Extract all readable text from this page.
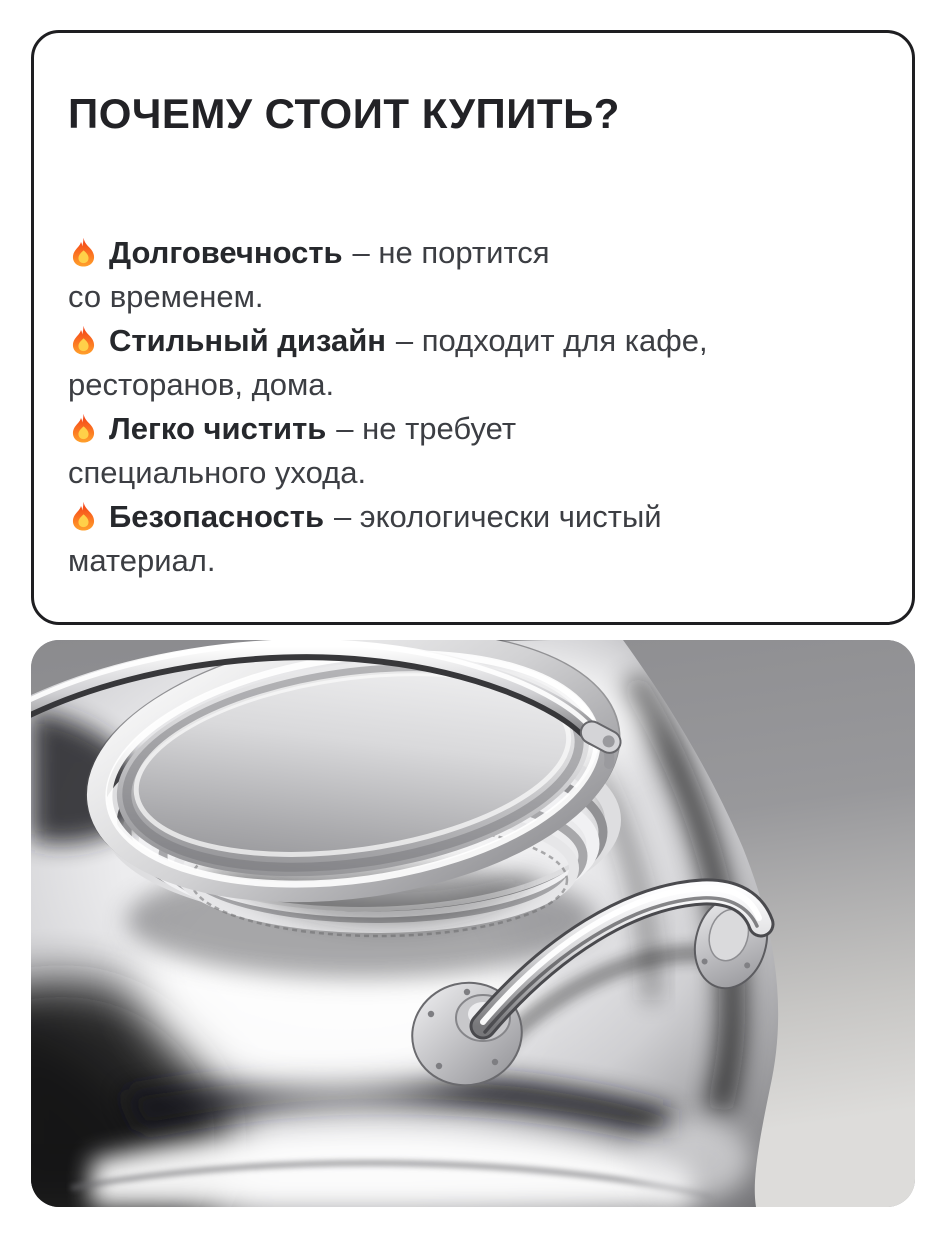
ПОЧЕМУ СТОИТ КУПИТЬ?

Долговечность – не портится
со временем.

Стильный дизайн – подходит для кафе,
ресторанов, дома.

Легко чистить – не требует
специального ухода.

Безопасность – экологически чистый
материал.
